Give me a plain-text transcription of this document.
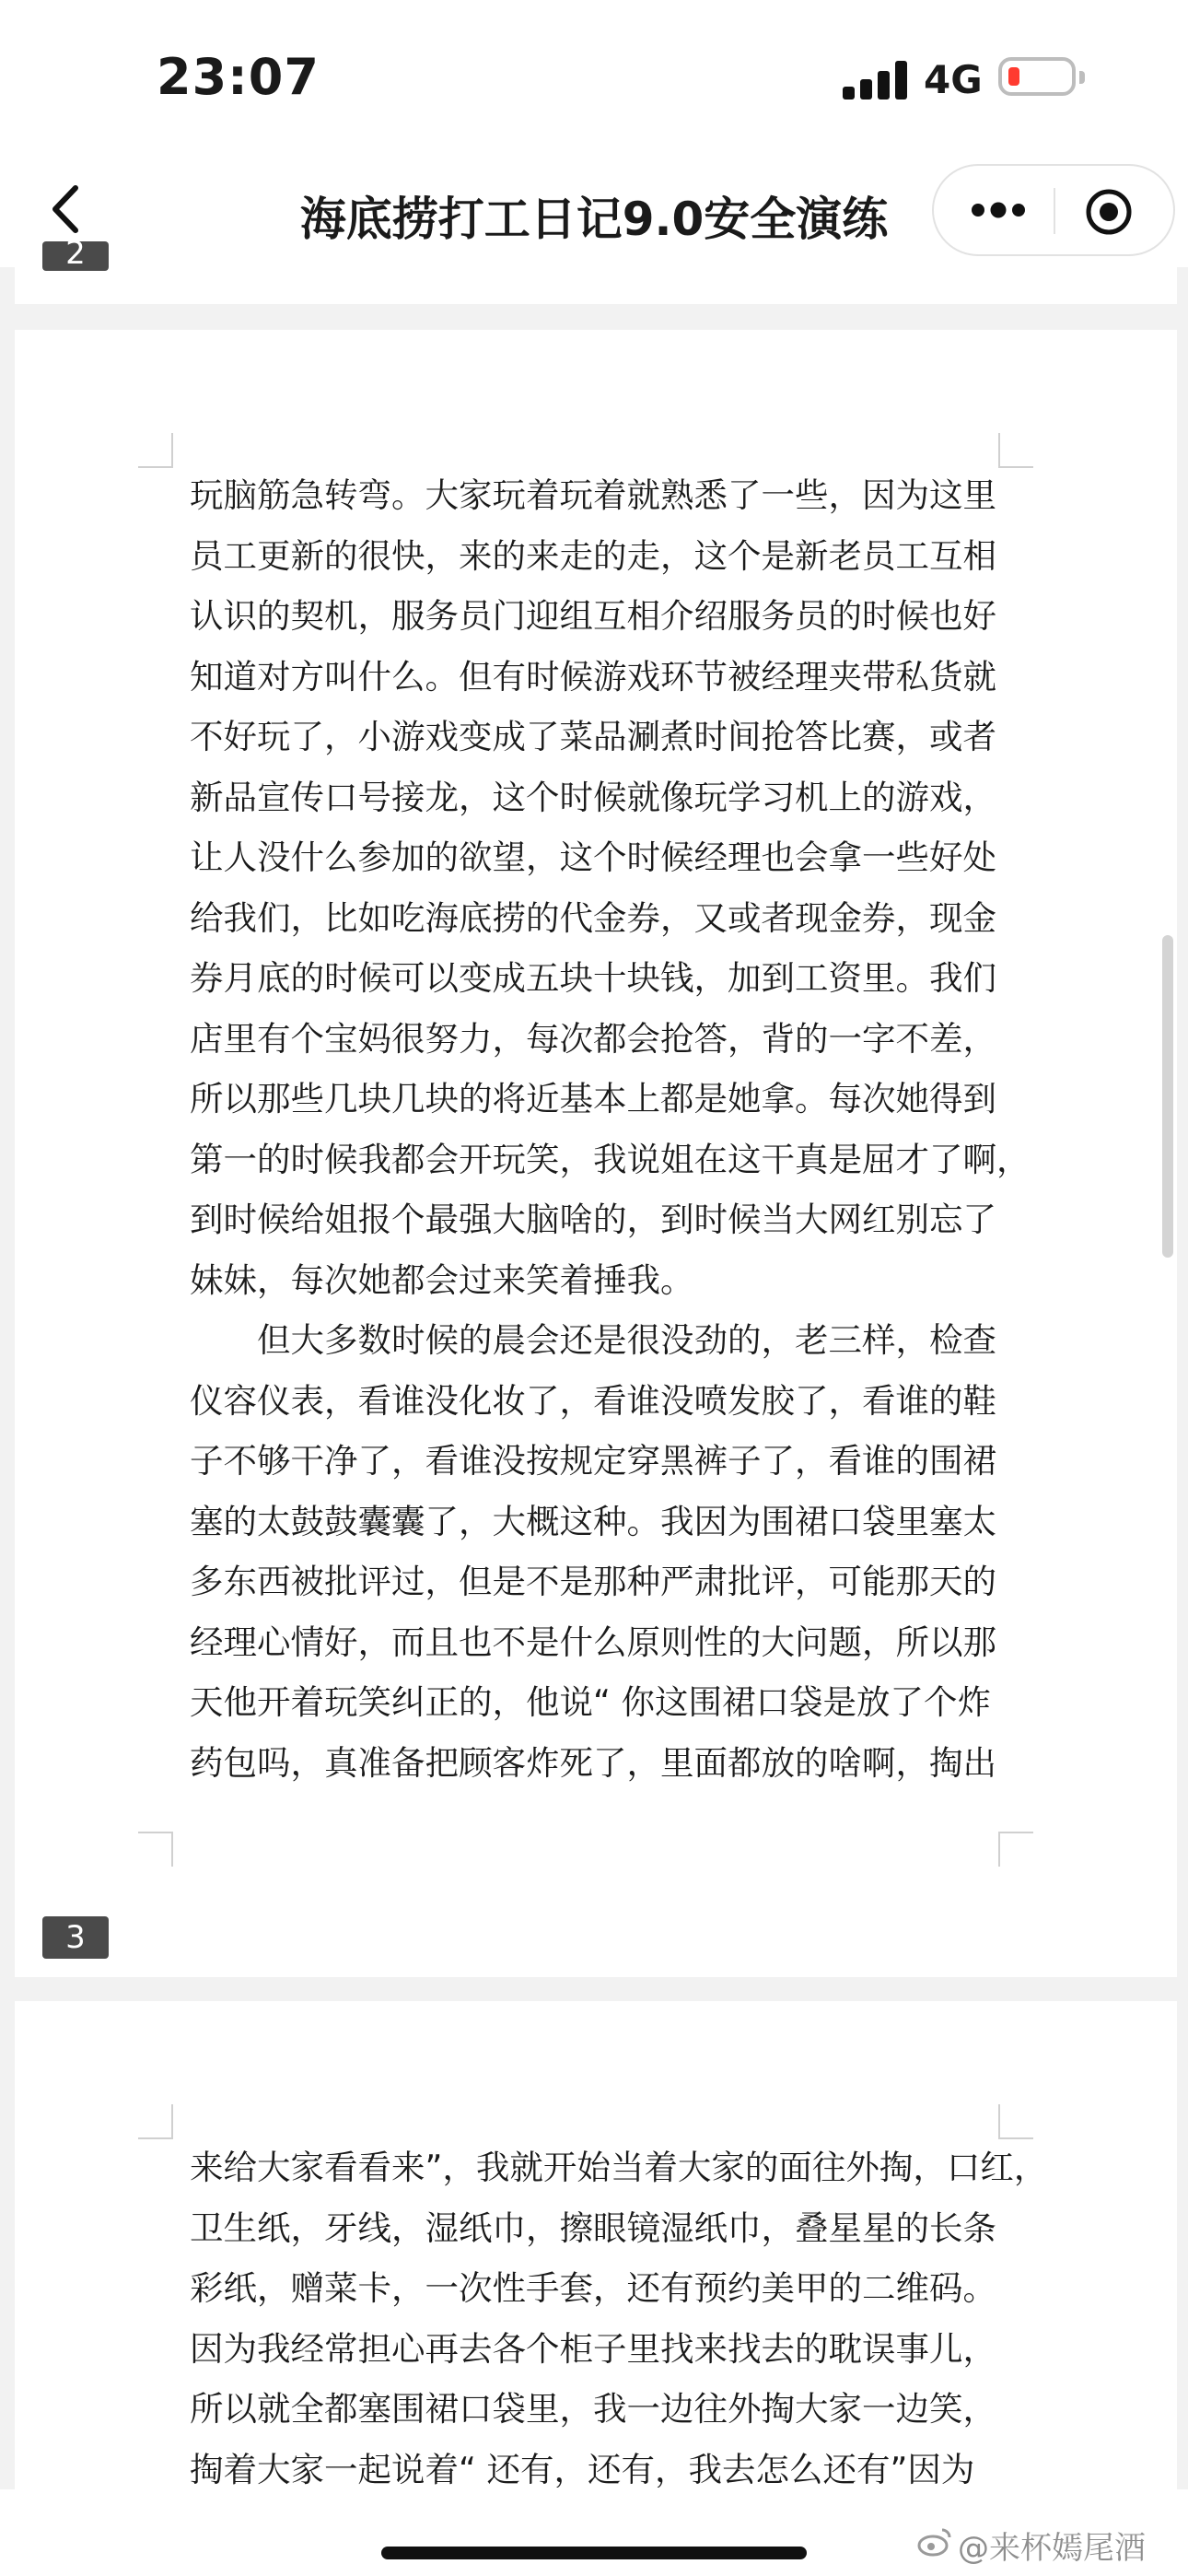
23:07	4G
海底捞打工日记9.0安全演练
2

玩脑筋急转弯。大家玩着玩着就熟悉了一些，因为这里

员工更新的很快，来的来走的走，这个是新老员工互相

认识的契机，服务员门迎组互相介绍服务员的时候也好

知道对方叫什么。但有时候游戏环节被经理夹带私货就

不好玩了，小游戏变成了菜品涮煮时间抢答比赛，或者

新品宣传口号接龙，这个时候就像玩学习机上的游戏，

让人没什么参加的欲望，这个时候经理也会拿一些好处

给我们，比如吃海底捞的代金券，又或者现金券，现金

券月底的时候可以变成五块十块钱，加到工资里。我们

店里有个宝妈很努力，每次都会抢答，背的一字不差，

所以那些几块几块的将近基本上都是她拿。每次她得到

第一的时候我都会开玩笑，我说姐在这干真是屈才了啊，

到时候给姐报个最强大脑啥的，到时候当大网红别忘了

妹妹，每次她都会过来笑着捶我。

　　但大多数时候的晨会还是很没劲的，老三样，检查

仪容仪表，看谁没化妆了，看谁没喷发胶了，看谁的鞋

子不够干净了，看谁没按规定穿黑裤子了，看谁的围裙

塞的太鼓鼓囊囊了，大概这种。我因为围裙口袋里塞太

多东西被批评过，但是不是那种严肃批评，可能那天的

经理心情好，而且也不是什么原则性的大问题，所以那

天他开着玩笑纠正的，他说“ 你这围裙口袋是放了个炸

药包吗，真准备把顾客炸死了，里面都放的啥啊，掏出

3

来给大家看看来”，我就开始当着大家的面往外掏，口红，

卫生纸，牙线，湿纸巾，擦眼镜湿纸巾，叠星星的长条

彩纸，赠菜卡，一次性手套，还有预约美甲的二维码。

因为我经常担心再去各个柜子里找来找去的耽误事儿，

所以就全都塞围裙口袋里，我一边往外掏大家一边笑，

掏着大家一起说着“ 还有，还有，我去怎么还有”因为

@来杯嫣尾酒
